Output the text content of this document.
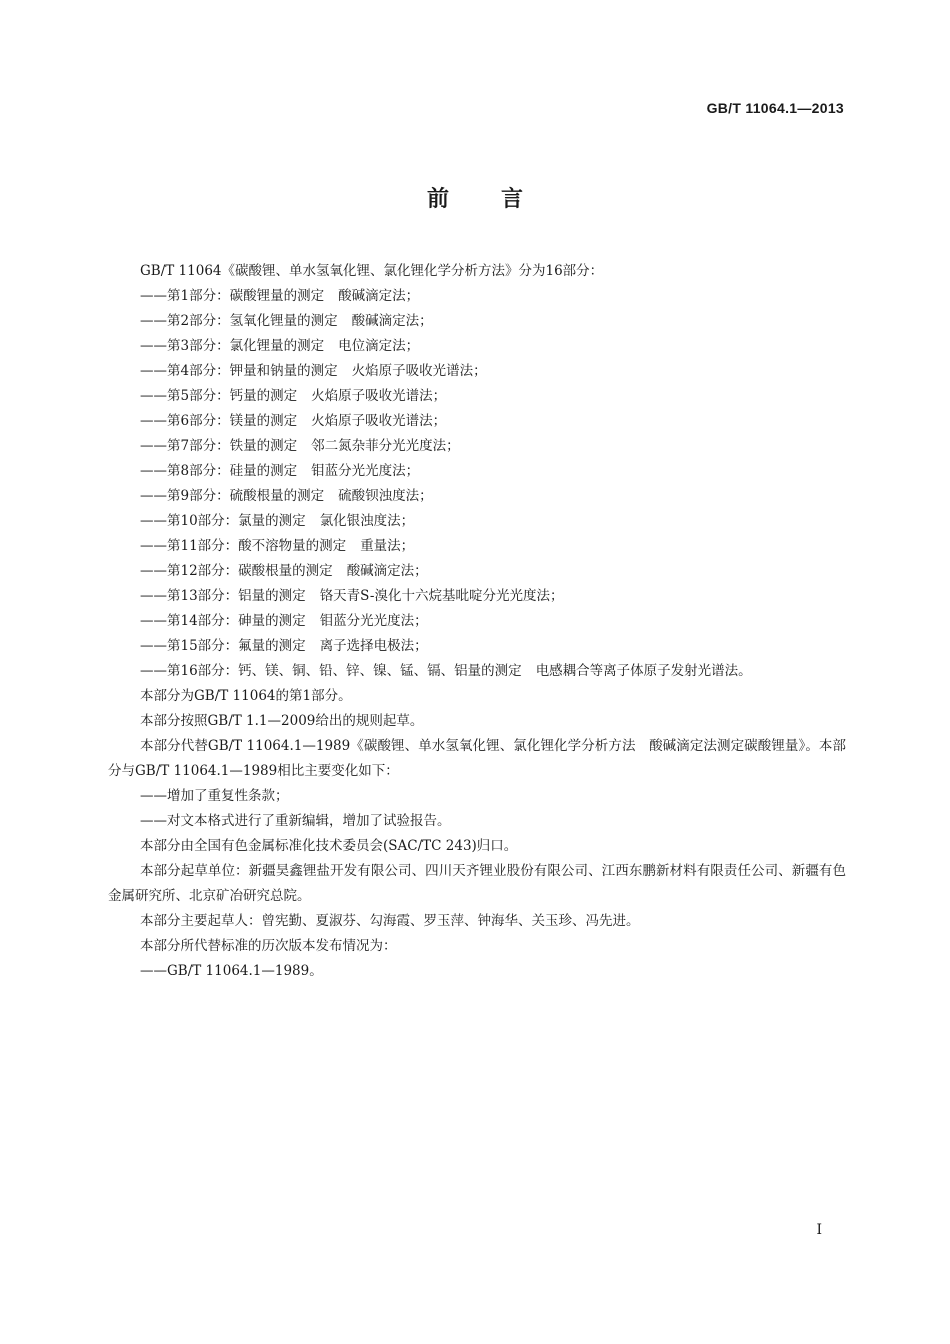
GB/T 11064.1—2013
前言

GB/T 11064《碳酸锂、单水氢氧化锂、氯化锂化学分析方法》分为16部分：

——第1部分：碳酸锂量的测定 酸碱滴定法；

——第2部分：氢氧化锂量的测定 酸碱滴定法；

——第3部分：氯化锂量的测定 电位滴定法；

——第4部分：钾量和钠量的测定 火焰原子吸收光谱法；

——第5部分：钙量的测定 火焰原子吸收光谱法；

——第6部分：镁量的测定 火焰原子吸收光谱法；

——第7部分：铁量的测定 邻二氮杂菲分光光度法；

——第8部分：硅量的测定 钼蓝分光光度法；

——第9部分：硫酸根量的测定 硫酸钡浊度法；

——第10部分：氯量的测定 氯化银浊度法；

——第11部分：酸不溶物量的测定 重量法；

——第12部分：碳酸根量的测定 酸碱滴定法；

——第13部分：铝量的测定 铬天青S-溴化十六烷基吡啶分光光度法；

——第14部分：砷量的测定 钼蓝分光光度法；

——第15部分：氟量的测定 离子选择电极法；

——第16部分：钙、镁、铜、铅、锌、镍、锰、镉、铝量的测定 电感耦合等离子体原子发射光谱法。

本部分为GB/T 11064的第1部分。

本部分按照GB/T 1.1—2009给出的规则起草。

本部分代替GB/T 11064.1—1989《碳酸锂、单水氢氧化锂、氯化锂化学分析方法　酸碱滴定法测定碳酸锂量》。本部分与GB/T 11064.1—1989相比主要变化如下：

——增加了重复性条款；

——对文本格式进行了重新编辑，增加了试验报告。

本部分由全国有色金属标准化技术委员会(SAC/TC 243)归口。

本部分起草单位：新疆昊鑫锂盐开发有限公司、四川天齐锂业股份有限公司、江西东鹏新材料有限责任公司、新疆有色金属研究所、北京矿冶研究总院。

本部分主要起草人：曾宪勤、夏淑芬、勾海霞、罗玉萍、钟海华、关玉珍、冯先进。

本部分所代替标准的历次版本发布情况为：

——GB/T 11064.1—1989。

I
